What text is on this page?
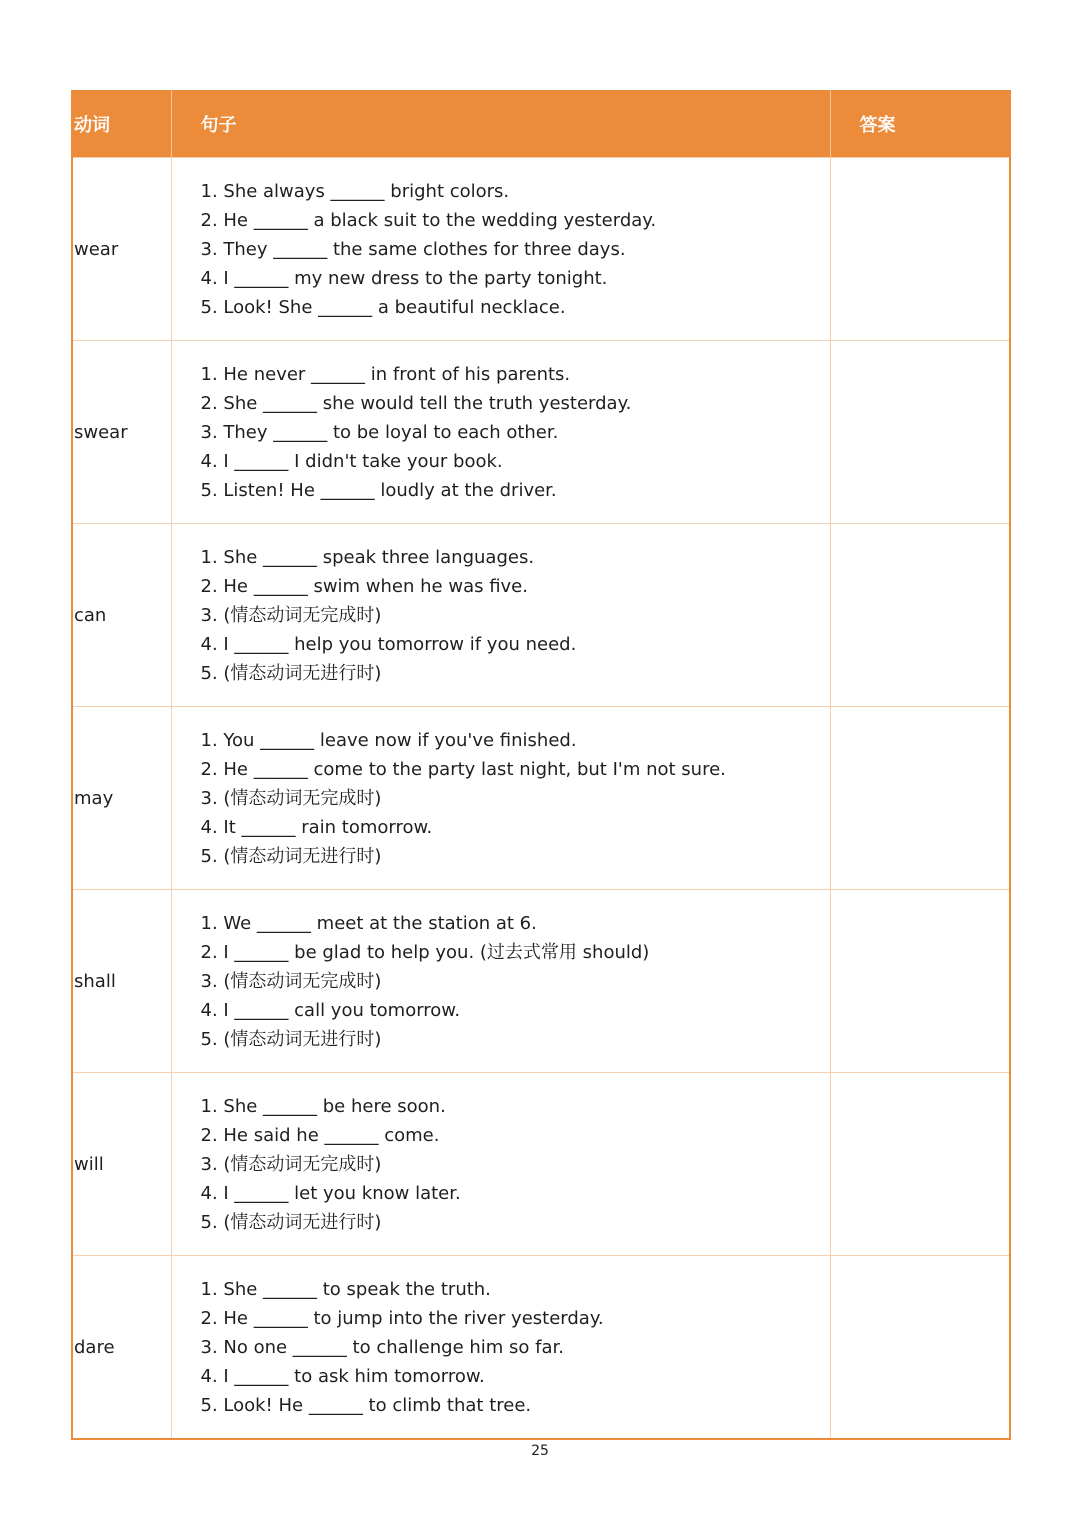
动词	句子	答案
wear	1. She always ______ bright colors.
2. He ______ a black suit to the wedding yesterday.
3. They ______ the same clothes for three days.
4. I ______ my new dress to the party tonight.
5. Look! She ______ a beautiful necklace.	

swear	1. He never ______ in front of his parents.
2. She ______ she would tell the truth yesterday.
3. They ______ to be loyal to each other.
4. I ______ I didn't take your book.
5. Listen! He ______ loudly at the driver.	

can	1. She ______ speak three languages.
2. He ______ swim when he was five.
3. (情态动词无完成时)
4. I ______ help you tomorrow if you need.
5. (情态动词无进行时)	

may	1. You ______ leave now if you've finished.
2. He ______ come to the party last night, but I'm not sure.
3. (情态动词无完成时)
4. It ______ rain tomorrow.
5. (情态动词无进行时)	

shall	1. We ______ meet at the station at 6.
2. I ______ be glad to help you. (过去式常用 should)
3. (情态动词无完成时)
4. I ______ call you tomorrow.
5. (情态动词无进行时)	

will	1. She ______ be here soon.
2. He said he ______ come.
3. (情态动词无完成时)
4. I ______ let you know later.
5. (情态动词无进行时)	

dare	1. She ______ to speak the truth.
2. He ______ to jump into the river yesterday.
3. No one ______ to challenge him so far.
4. I ______ to ask him tomorrow.
5. Look! He ______ to climb that tree.	

25
